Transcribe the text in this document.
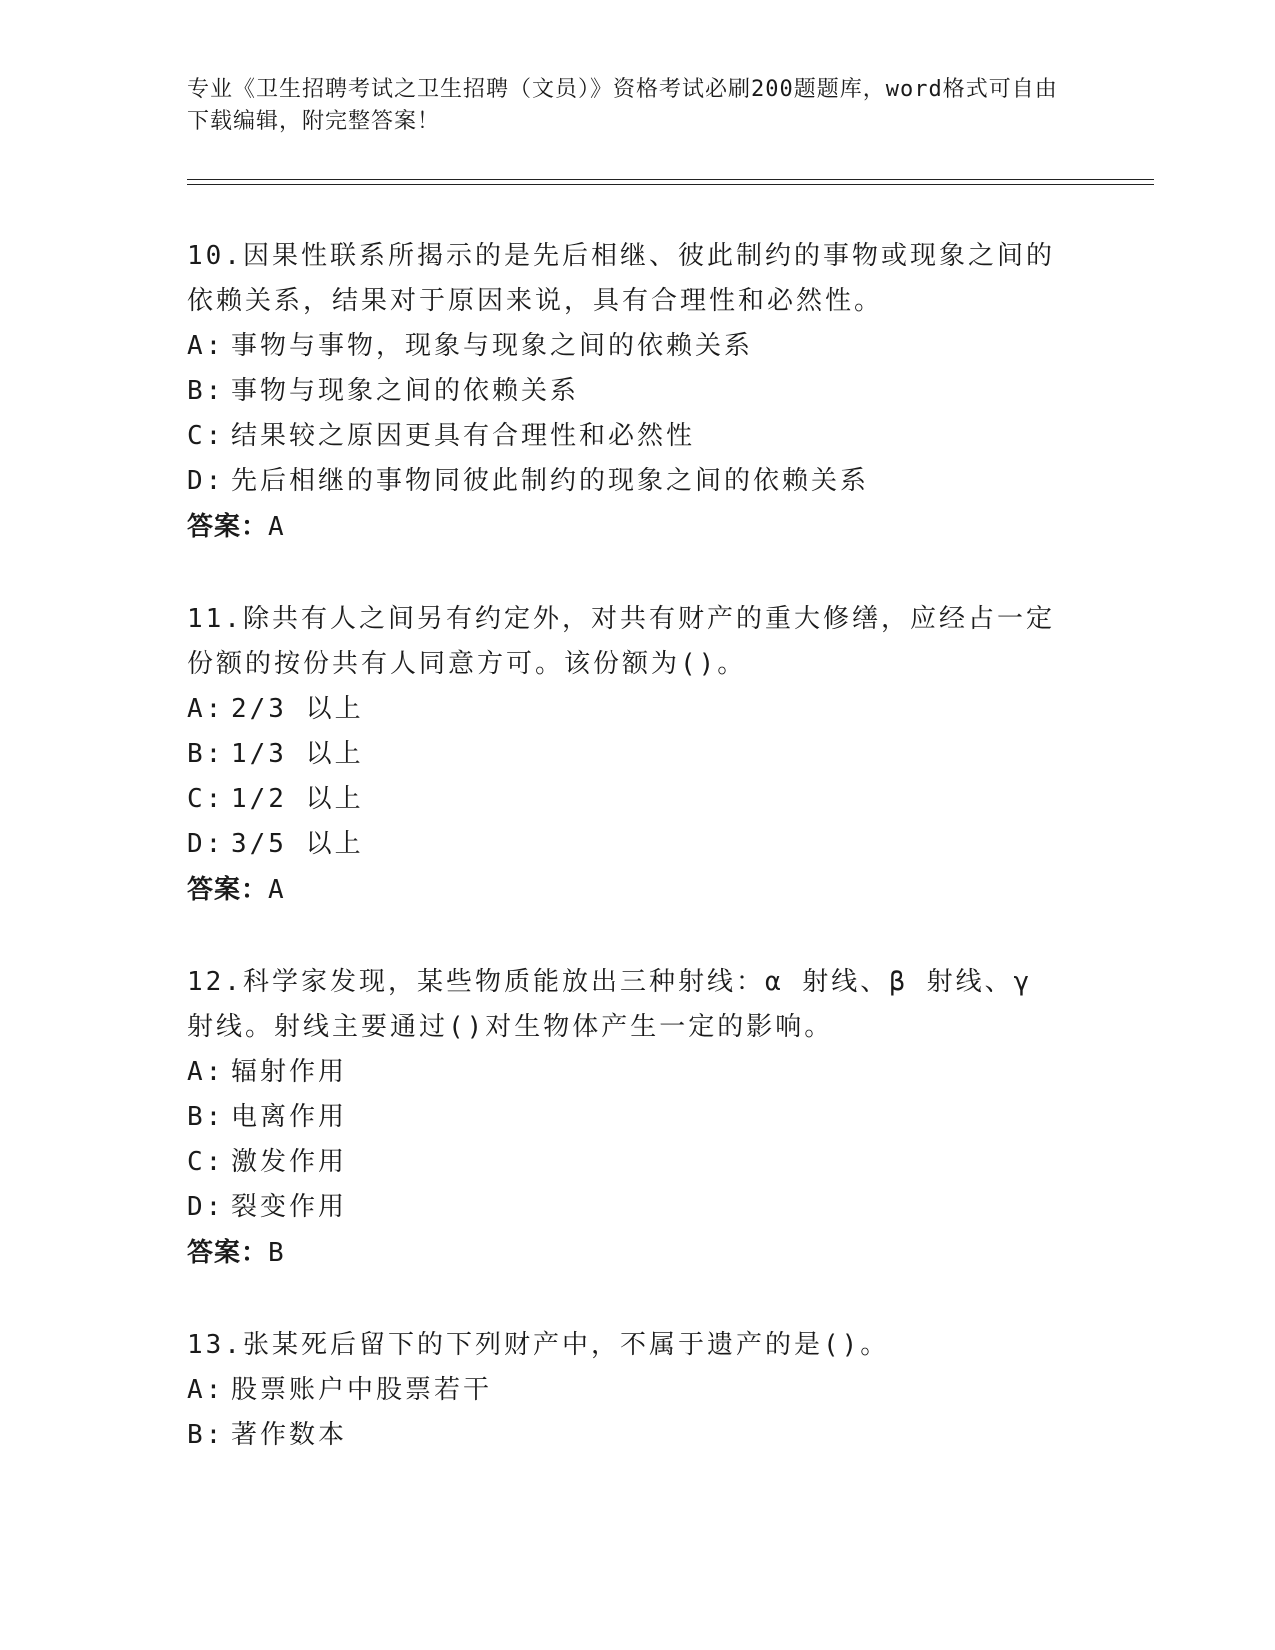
专业《卫生招聘考试之卫生招聘（文员）》资格考试必刷200题题库，word格式可自由下载编辑，附完整答案！
10.因果性联系所揭示的是先后相继、彼此制约的事物或现象之间的依赖关系，结果对于原因来说，具有合理性和必然性。
A: 事物与事物，现象与现象之间的依赖关系
B: 事物与现象之间的依赖关系
C: 结果较之原因更具有合理性和必然性
D: 先后相继的事物同彼此制约的现象之间的依赖关系
答案：A
11.除共有人之间另有约定外，对共有财产的重大修缮，应经占一定份额的按份共有人同意方可。该份额为()。
A: 2/3 以上
B: 1/3 以上
C: 1/2 以上
D: 3/5 以上
答案：A
12.科学家发现，某些物质能放出三种射线：α 射线、β 射线、γ 射线。射线主要通过()对生物体产生一定的影响。
A: 辐射作用
B: 电离作用
C: 激发作用
D: 裂变作用
答案：B
13.张某死后留下的下列财产中，不属于遗产的是()。
A: 股票账户中股票若干
B: 著作数本
